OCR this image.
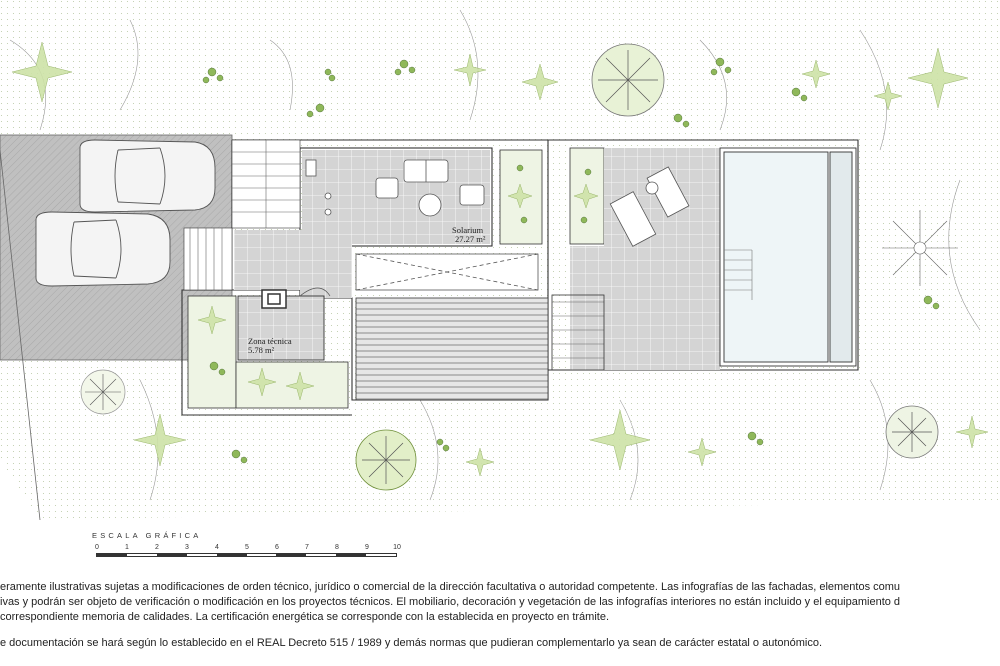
Solarium
27.27 m²
Zona técnica
5.78 m²
ESCALA GRÁFICA
0	1	2	3	4	5	6	7	8	9	10

eramente ilustrativas sujetas a modificaciones de orden técnico, jurídico o comercial de la dirección facultativa o autoridad competente. Las infografías de las fachadas, elementos comu

ivas y podrán ser objeto de verificación o modificación en los proyectos técnicos. El mobiliario, decoración y vegetación de las infografías interiores no están incluido y el equipamiento d

correspondiente memoria de calidades. La certificación energética se corresponde con la establecida en proyecto en trámite.

e documentación se hará según lo establecido en el REAL Decreto 515 / 1989 y demás normas que pudieran complementarlo ya sean de carácter estatal o autonómico.
